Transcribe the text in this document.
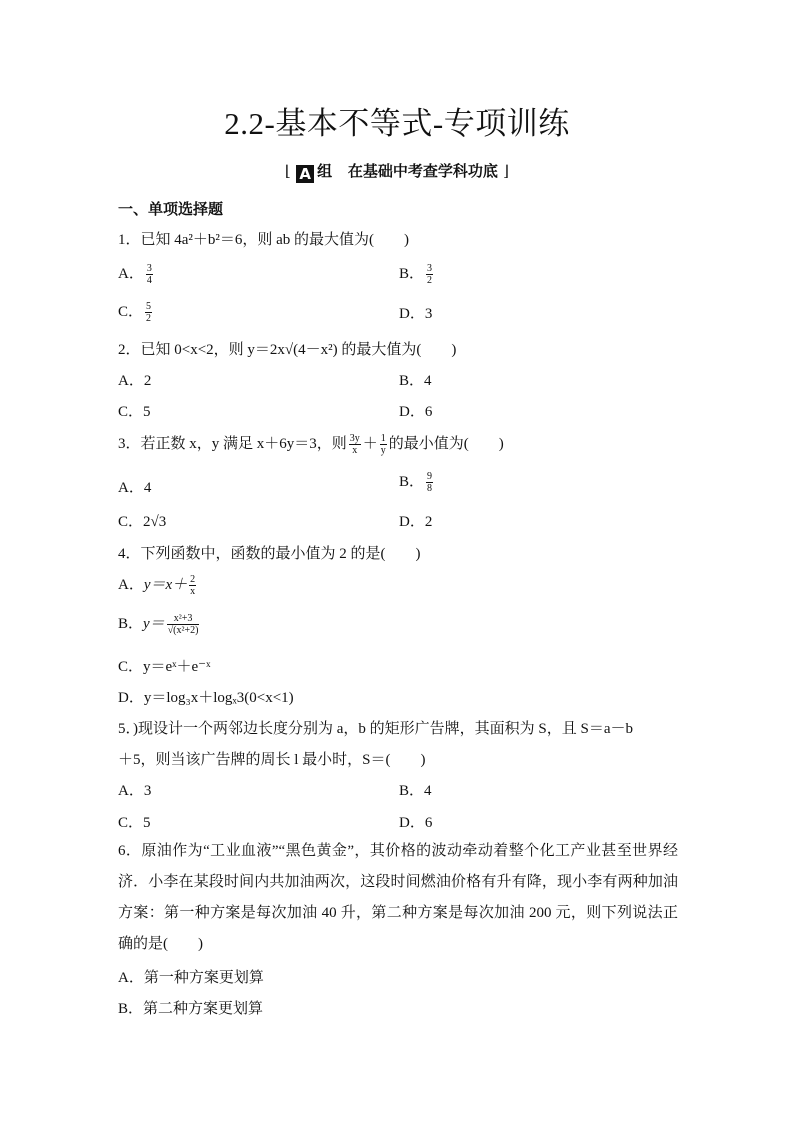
2.2-基本不等式-专项训练
⌊ A 组 在基础中考查学科功底 ⌋
一、单项选择题
1．已知 4a²＋b²＝6，则 ab 的最大值为(　　)
A． $\frac{3}{4}$	B． $\frac{3}{2}$
C． $\frac{5}{2}$	D．3
2．已知 0<x<2，则 y＝2x√(4－x²) 的最大值为(　　)
A．2	B．4
C．5	D．6
3．若正数 x，y 满足 x＋6y＝3，则 $\frac{3y}{x} + \frac{1}{y}$ 的最小值为(　　)
A．4	B． $\frac{9}{8}$
C．2√3	D．2
4．下列函数中，函数的最小值为 2 的是(　　)
A．$y=x+ \frac{2}{x}$
B．$y= \frac{\text{x²+3}}{\text{√(x²+2)}}$
C．y＝eˣ＋e⁻ˣ
D．y＝log₃x＋logₓ3(0<x<1)
5．)现设计一个两邻边长度分别为 a，b 的矩形广告牌，其面积为 S，且 S＝a－b
＋5，则当该广告牌的周长 l 最小时，S＝(　　)
A．3	B．4
C．5	D．6
6．原油作为“工业血液”“黑色黄金”，其价格的波动牵动着整个化工产业甚至世界经济．小李在某段时间内共加油两次，这段时间燃油价格有升有降，现小李有两种加油方案：第一种方案是每次加油 40 升，第二种方案是每次加油 200 元，则下列说法正确的是(　　)
A．第一种方案更划算
B．第二种方案更划算
